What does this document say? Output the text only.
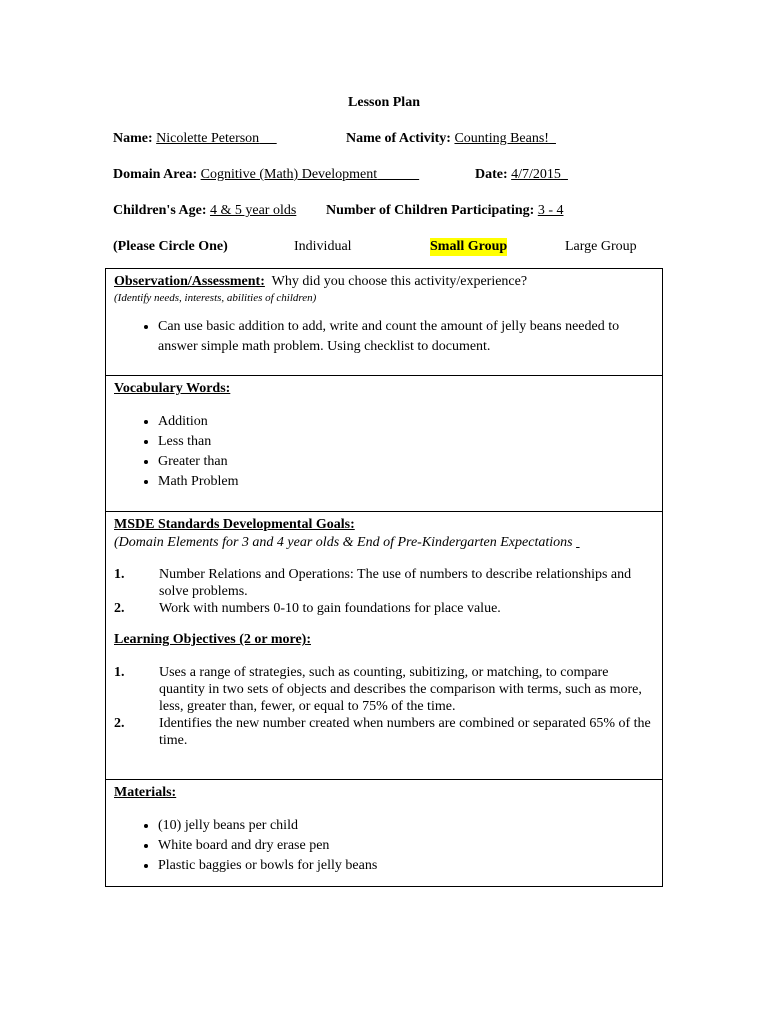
Lesson Plan
Name: Nicolette Peterson	Name of Activity: Counting Beans!
Domain Area: Cognitive (Math) Development	Date: 4/7/2015
Children's Age: 4 & 5 year olds Number of Children Participating: 3 - 4
(Please Circle One)	Individual	Small Group	Large Group
Observation/Assessment: Why did you choose this activity/experience?
(Identify needs, interests, abilities of children)
• Can use basic addition to add, write and count the amount of jelly beans needed to answer simple math problem. Using checklist to document.

Vocabulary Words:
• Addition
• Less than
• Greater than
• Math Problem

MSDE Standards Developmental Goals:
(Domain Elements for 3 and 4 year olds & End of Pre-Kindergarten Expectations
1.	Number Relations and Operations: The use of numbers to describe relationships and solve problems.
2.	Work with numbers 0-10 to gain foundations for place value.
Learning Objectives (2 or more):
1.	Uses a range of strategies, such as counting, subitizing, or matching, to compare quantity in two sets of objects and describes the comparison with terms, such as more, less, greater than, fewer, or equal to 75% of the time.
2.	Identifies the new number created when numbers are combined or separated 65% of the time.

Materials:
• (10) jelly beans per child
• White board and dry erase pen
• Plastic baggies or bowls for jelly beans
